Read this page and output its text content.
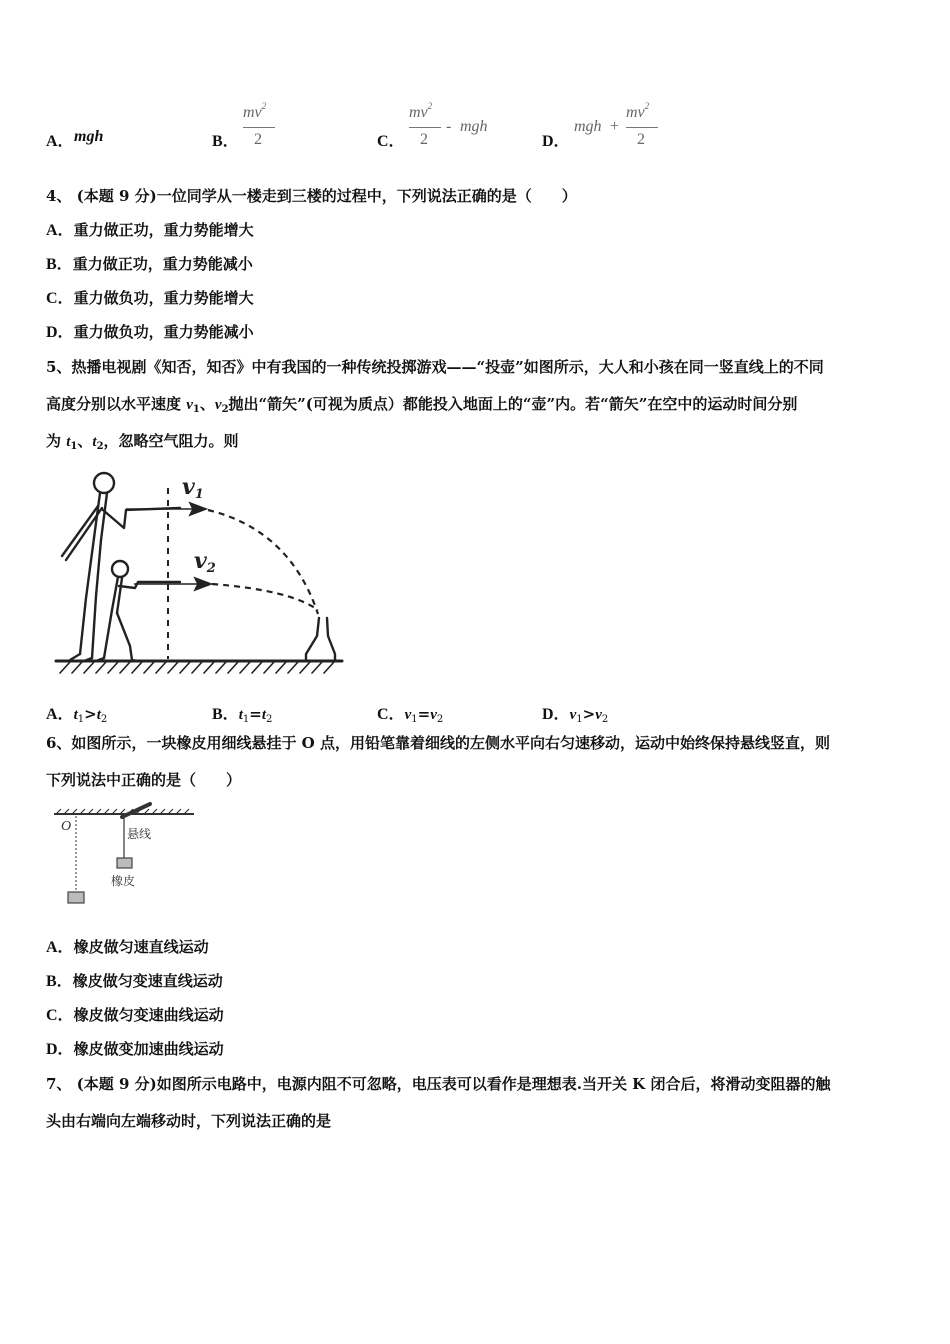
A． mgh	B．
$mv^2$
2	C．
$mv^2$
2
- mgh
D．
mgh +
$mv^2$
2
4、 (本题 9 分)一位同学从一楼走到三楼的过程中，下列说法正确的是（　　）
A．重力做正功，重力势能增大
B．重力做正功，重力势能减小
C．重力做负功，重力势能增大
D．重力做负功，重力势能减小
5、热播电视剧《知否，知否》中有我国的一种传统投掷游戏——“投壶”如图所示，大人和小孩在同一竖直线上的不同
高度分别以水平速度 $v_1$、$v_2$抛出“箭矢”(可视为质点）都能投入地面上的“壶”内。若“箭矢”在空中的运动时间分别
为 $t_1$、$t_2$，忽略空气阻力。则
v1
v2
A．$t_1>t_2$	B．$t_1=t_2$	C．$v_1=v_2$	D．$v_1>v_2$
6、如图所示，一块橡皮用细线悬挂于 O 点，用铅笔靠着细线的左侧水平向右匀速移动，运动中始终保持悬线竖直，则
下列说法中正确的是（　　）
O	悬线
橡皮
A．橡皮做匀速直线运动
B．橡皮做匀变速直线运动
C．橡皮做匀变速曲线运动
D．橡皮做变加速曲线运动
7、 (本题 9 分)如图所示电路中，电源内阻不可忽略，电压表可以看作是理想表.当开关 K 闭合后，将滑动变阻器的触
头由右端向左端移动时，下列说法正确的是
